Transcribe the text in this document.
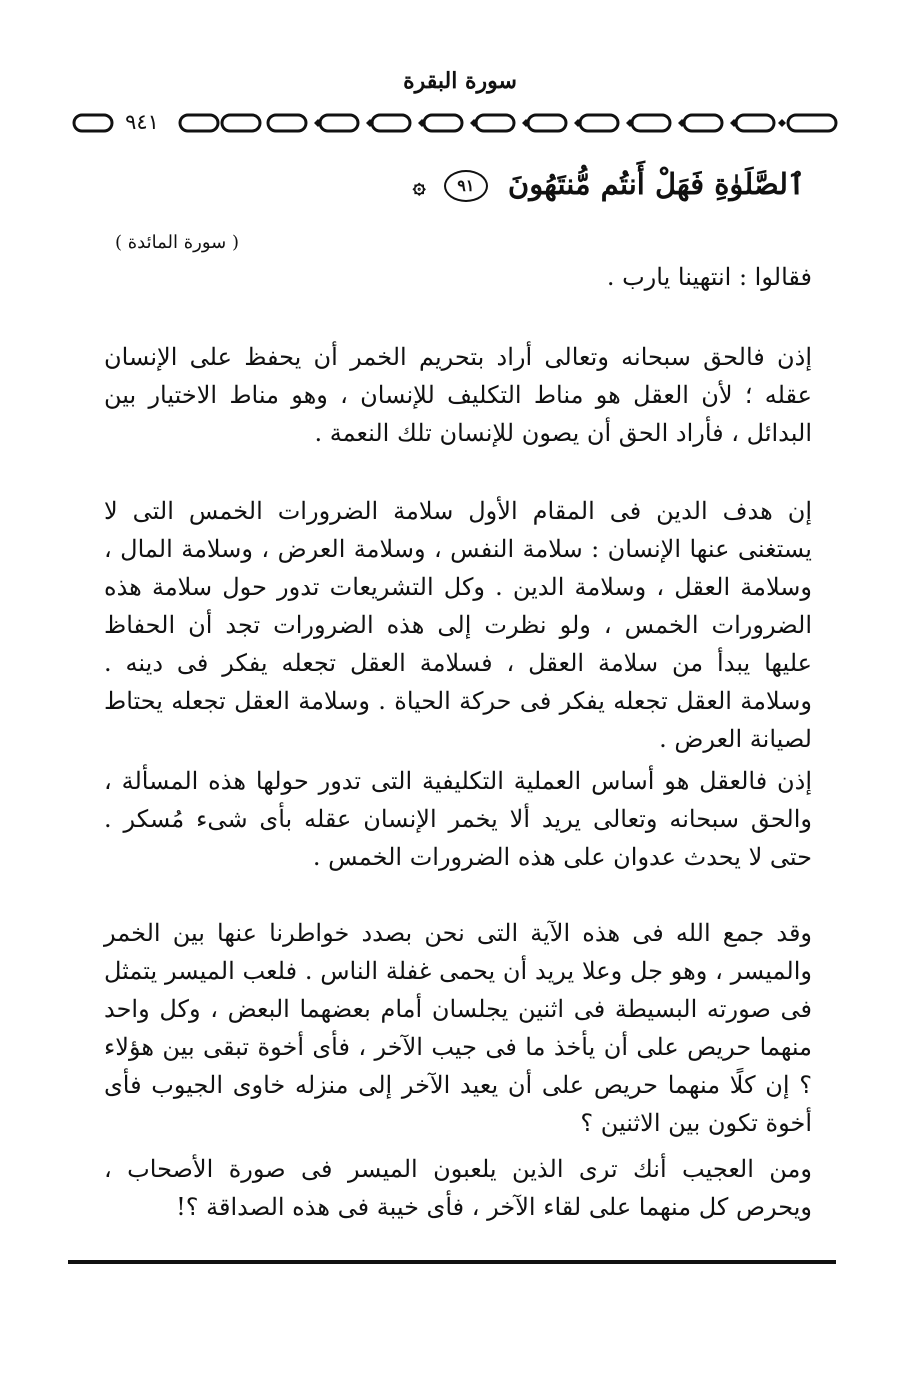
سورة البقرة
٩٤١
ٱلصَّلَوٰةِ فَهَلْ أَنتُم مُّنتَهُونَ ٩١ ۞
( سورة المائدة )

فقالوا : انتهينا يارب .

إذن فالحق سبحانه وتعالى أراد بتحريم الخمر أن يحفظ على الإنسان عقله ؛ لأن العقل هو مناط التكليف للإنسان ، وهو مناط الاختيار بين البدائل ، فأراد الحق أن يصون للإنسان تلك النعمة .

إن هدف الدين فى المقام الأول سلامة الضرورات الخمس التى لا يستغنى عنها الإنسان : سلامة النفس ، وسلامة العرض ، وسلامة المال ، وسلامة العقل ، وسلامة الدين . وكل التشريعات تدور حول سلامة هذه الضرورات الخمس ، ولو نظرت إلى هذه الضرورات تجد أن الحفاظ عليها يبدأ من سلامة العقل ، فسلامة العقل تجعله يفكر فى دينه . وسلامة العقل تجعله يفكر فى حركة الحياة . وسلامة العقل تجعله يحتاط لصيانة العرض .

إذن فالعقل هو أساس العملية التكليفية التى تدور حولها هذه المسألة ، والحق سبحانه وتعالى يريد ألا يخمر الإنسان عقله بأى شىء مُسكر . حتى لا يحدث عدوان على هذه الضرورات الخمس .

وقد جمع الله فى هذه الآية التى نحن بصدد خواطرنا عنها بين الخمر والميسر ، وهو جل وعلا يريد أن يحمى غفلة الناس . فلعب الميسر يتمثل فى صورته البسيطة فى اثنين يجلسان أمام بعضهما البعض ، وكل واحد منهما حريص على أن يأخذ ما فى جيب الآخر ، فأى أخوة تبقى بين هؤلاء ؟ إن كلًا منهما حريص على أن يعيد الآخر إلى منزله خاوى الجيوب فأى أخوة تكون بين الاثنين ؟

ومن العجيب أنك ترى الذين يلعبون الميسر فى صورة الأصحاب ، ويحرص كل منهما على لقاء الآخر ، فأى خيبة فى هذه الصداقة ؟!
